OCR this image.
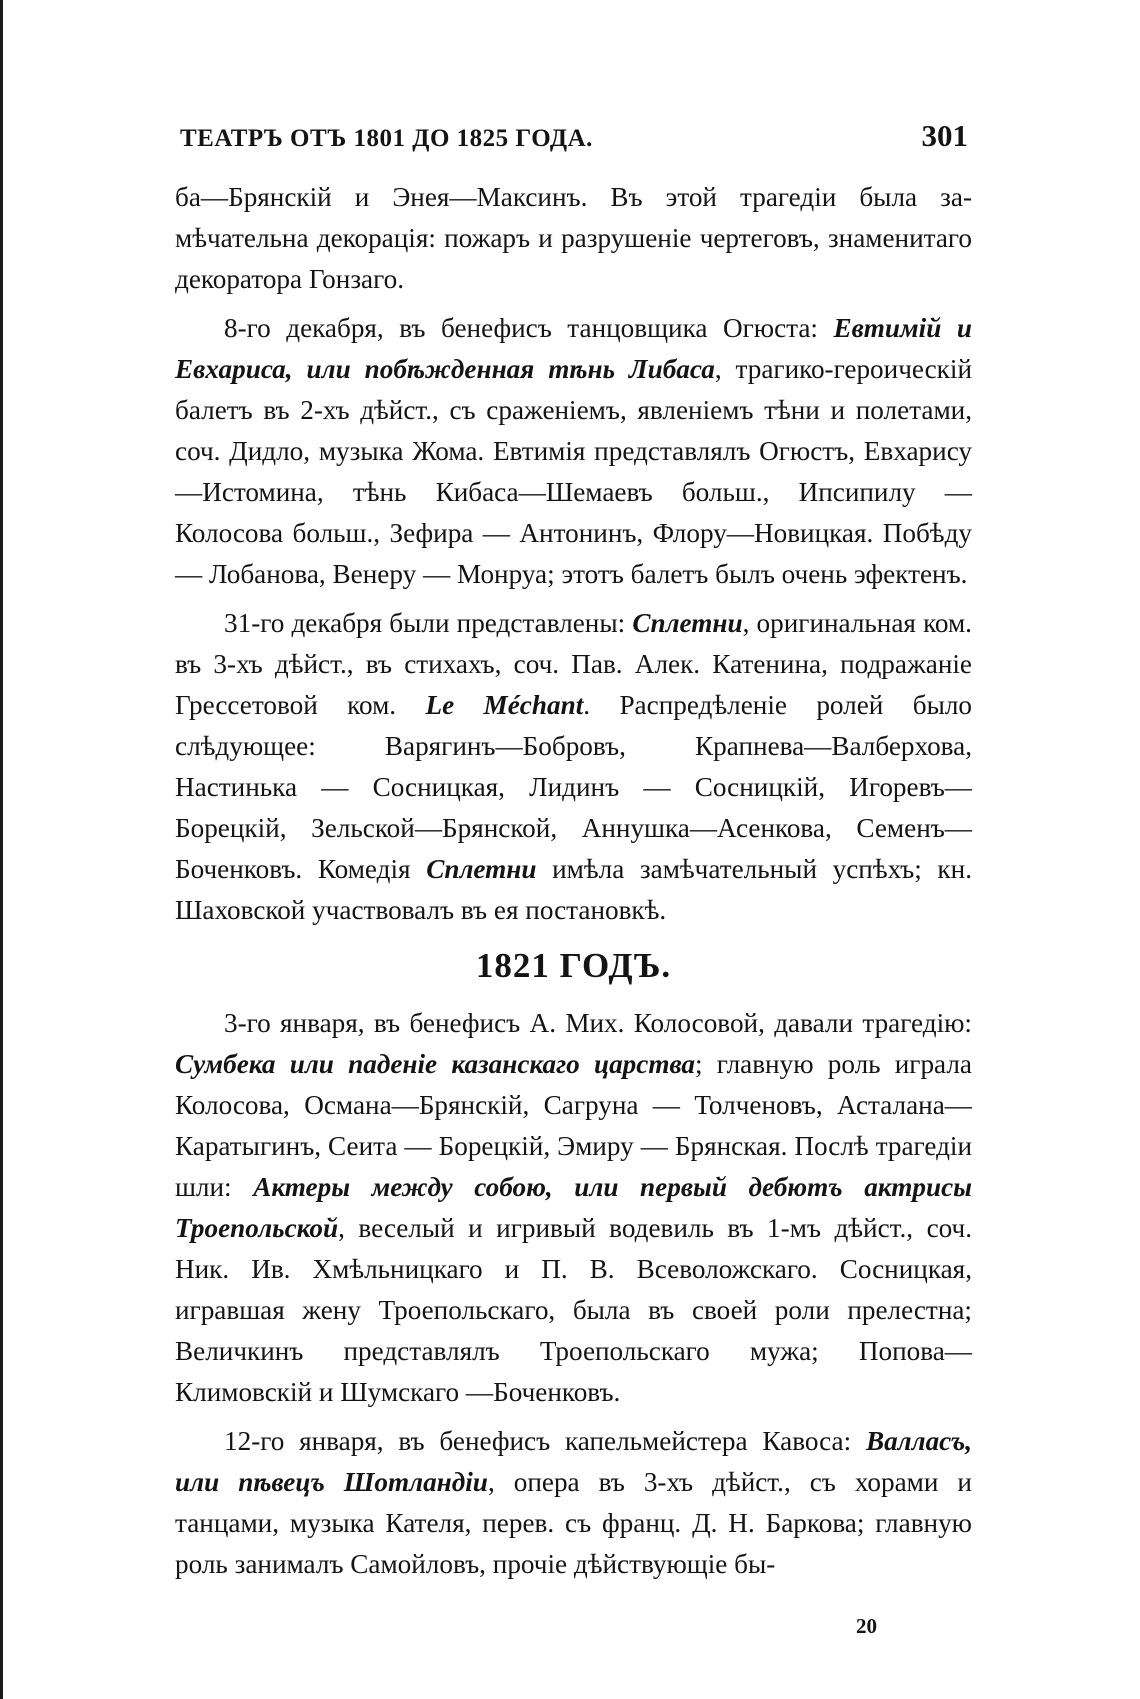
ТЕАТРЪ ОТЪ 1801 ДО 1825 ГОДА.	301

ба—Брянскій и Энея—Максинъ. Въ этой трагедіи была замѣчательна декорація: пожаръ и разрушеніе чертеговъ, знаменитаго декоратора Гонзаго.

8-го декабря, въ бенефисъ танцовщика Огюста: Евтимій и Евхариса, или побѣжденная тѣнь Либаса, трагико-героическій балетъ въ 2-хъ дѣйст., съ сраженіемъ, явленіемъ тѣни и полетами, соч. Дидло, музыка Жома. Евтимія представлялъ Огюстъ, Евхарису —Истомина, тѣнь Кибаса—Шемаевъ больш., Ипсипилу — Колосова больш., Зефира — Антонинъ, Флору—Новицкая. Побѣду — Лобанова, Венеру — Монруа; этотъ балетъ былъ очень эфектенъ.

31-го декабря были представлены: Сплетни, оригинальная ком. въ 3-хъ дѣйст., въ стихахъ, соч. Пав. Алек. Катенина, подражаніе Грессетовой ком. Le Méchant. Распредѣленіе ролей было слѣдующее: Варягинъ—Бобровъ, Крапнева—Валберхова, Настинька — Сосницкая, Лидинъ — Сосницкій, Игоревъ—Борецкій, Зельской—Брянской, Аннушка—Асенкова, Семенъ—Боченковъ. Комедія Сплетни имѣла замѣчательный успѣхъ; кн. Шаховской участвовалъ въ ея постановкѣ.

1821 ГОДЪ.

3-го января, въ бенефисъ А. Мих. Колосовой, давали трагедію: Сумбека или паденіе казанскаго царства; главную роль играла Колосова, Османа—Брянскій, Сагруна — Толченовъ, Асталана—Каратыгинъ, Сеита — Борецкій, Эмиру — Брянская. Послѣ трагедіи шли: Актеры между собою, или первый дебютъ актрисы Троепольской, веселый и игривый водевиль въ 1-мъ дѣйст., соч. Ник. Ив. Хмѣльницкаго и П. В. Всеволожскаго. Сосницкая, игравшая жену Троепольскаго, была въ своей роли прелестна; Величкинъ представлялъ Троепольскаго мужа; Попова—Климовскій и Шумскаго —Боченковъ.

12-го января, въ бенефисъ капельмейстера Кавоса: Валласъ, или пѣвецъ Шотландіи, опера въ 3-хъ дѣйст., съ хорами и танцами, музыка Кателя, перев. съ франц. Д. Н. Баркова; главную роль занималъ Самойловъ, прочіе дѣйствующіе бы-

20
